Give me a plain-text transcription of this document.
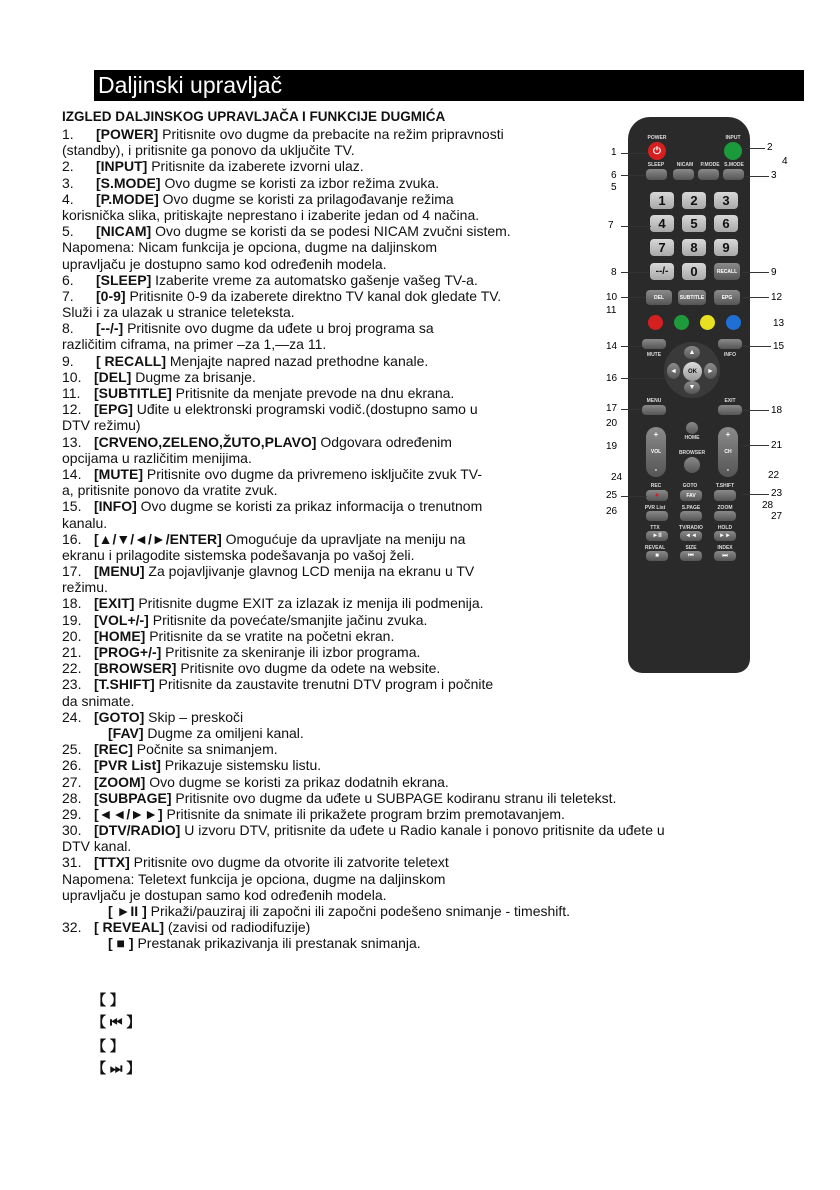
Daljinski upravljač
IZGLED DALJINSKOG UPRAVLJAČA I FUNKCIJE DUGMIĆA
1. [POWER] Pritisnite ovo dugme da prebacite na režim pripravnosti
(standby), i pritisnite ga ponovo da uključite TV.
2. [INPUT] Pritisnite da izaberete izvorni ulaz.
3. [S.MODE] Ovo dugme se koristi za izbor režima zvuka.
4. [P.MODE] Ovo dugme se koristi za prilagođavanje režima
korisnička slika, pritiskajte neprestano i izaberite jedan od 4 načina.
5. [NICAM] Ovo dugme se koristi da se podesi NICAM zvučni sistem.
Napomena: Nicam funkcija je opciona, dugme na daljinskom
upravljaču je dostupno samo kod određenih modela.
6. [SLEEP] Izaberite vreme za automatsko gašenje vašeg TV-a.
7. [0-9] Pritisnite 0-9 da izaberete direktno TV kanal dok gledate TV.
Služi i za ulazak u stranice teleteksta.
8. [--/-] Pritisnite ovo dugme da uđete u broj programa sa
različitim ciframa, na primer –za 1,—za 11.
9. [ RECALL] Menjajte napred nazad prethodne kanale.
10. [DEL] Dugme za brisanje.
11. [SUBTITLE] Pritisnite da menjate prevode na dnu ekrana.
12. [EPG] Uđite u elektronski programski vodič.(dostupno samo u
DTV režimu)
13. [CRVENO,ZELENO,ŽUTO,PLAVO] Odgovara određenim
opcijama u različitim menijima.
14. [MUTE] Pritisnite ovo dugme da privremeno isključite zvuk TV-
a, pritisnite ponovo da vratite zvuk.
15. [INFO] Ovo dugme se koristi za prikaz informacija o trenutnom
kanalu.
16. [▲/▼/◄/►/ENTER] Omogućuje da upravljate na meniju na
ekranu i prilagodite sistemska podešavanja po vašoj želi.
17. [MENU] Za pojavljivanje glavnog LCD menija na ekranu u TV
režimu.
18. [EXIT] Pritisnite dugme EXIT za izlazak iz menija ili podmenija.
19. [VOL+/-] Pritisnite da povećate/smanjite jačinu zvuka.
20. [HOME] Pritisnite da se vratite na početni ekran.
21. [PROG+/-] Pritisnite za skeniranje ili izbor programa.
22. [BROWSER] Pritisnite ovo dugme da odete na website.
23. [T.SHIFT] Pritisnite da zaustavite trenutni DTV program i počnite
da snimate.
24. [GOTO] Skip – preskoči
[FAV] Dugme za omiljeni kanal.
25. [REC] Počnite sa snimanjem.
26. [PVR List] Prikazuje sistemsku listu.
27. [ZOOM] Ovo dugme se koristi za prikaz dodatnih ekrana.
28. [SUBPAGE] Pritisnite ovo dugme da uđete u SUBPAGE kodiranu stranu ili teletekst.
29. [◄◄/►►] Pritisnite da snimate ili prikažete program brzim premotavanjem.
30. [DTV/RADIO] U izvoru DTV, pritisnite da uđete u Radio kanale i ponovo pritisnite da uđete u
DTV kanal.
31. [TTX] Pritisnite ovo dugme da otvorite ili zatvorite teletext
Napomena: Teletext funkcija je opciona, dugme na daljinskom
upravljaču je dostupan samo kod određenih modela.
[ ►II ] Prikaži/pauziraj ili započni ili započni podešeno snimanje - timeshift.
32. [ REVEAL] (zavisi od radiodifuzije)
[ ■ ] Prestanak prikazivanja ili prestanak snimanja.
【 】
【 ⏮ 】
【 】
【 ⏭ 】
POWER
⏻
INPUT
SLEEP	NICAM	P.MODE S.MODE
1	2	3
4	5	6
7	8	9
--/-	0	RECALL
DEL	SUBTITLE	EPG
MUTE	INFO
▲
▼
◄	►
OK
MENU	EXIT
HOME
+
VOL
-
+
CH
-
BROWSER
REC	GOTO	T.SHIFT
●	FAV
PVR List	S.PAGE	ZOOM
TTX	TV/RADIO	HOLD
►II	◄◄	►►
REVEAL	SIZE	INDEX
■	⏮	⏭
1
6
5
7
8
10
11
14
16
17
20
19
24
25
26
2
4
3
9
12
13
15
18
21
22
23
28
27
